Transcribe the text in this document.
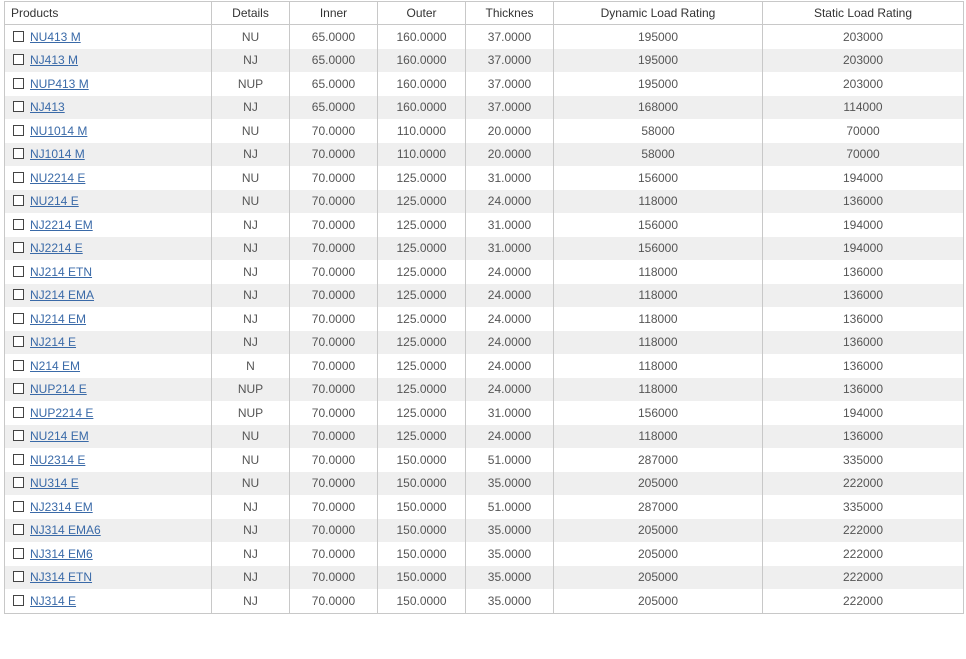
Products	Details	Inner	Outer	Thicknes	Dynamic Load Rating	Static Load Rating
NU413 M	NU	65.0000	160.0000	37.0000	195000	203000
NJ413 M	NJ	65.0000	160.0000	37.0000	195000	203000
NUP413 M	NUP	65.0000	160.0000	37.0000	195000	203000
NJ413	NJ	65.0000	160.0000	37.0000	168000	114000
NU1014 M	NU	70.0000	110.0000	20.0000	58000	70000
NJ1014 M	NJ	70.0000	110.0000	20.0000	58000	70000
NU2214 E	NU	70.0000	125.0000	31.0000	156000	194000
NU214 E	NU	70.0000	125.0000	24.0000	118000	136000
NJ2214 EM	NJ	70.0000	125.0000	31.0000	156000	194000
NJ2214 E	NJ	70.0000	125.0000	31.0000	156000	194000
NJ214 ETN	NJ	70.0000	125.0000	24.0000	118000	136000
NJ214 EMA	NJ	70.0000	125.0000	24.0000	118000	136000
NJ214 EM	NJ	70.0000	125.0000	24.0000	118000	136000
NJ214 E	NJ	70.0000	125.0000	24.0000	118000	136000
N214 EM	N	70.0000	125.0000	24.0000	118000	136000
NUP214 E	NUP	70.0000	125.0000	24.0000	118000	136000
NUP2214 E	NUP	70.0000	125.0000	31.0000	156000	194000
NU214 EM	NU	70.0000	125.0000	24.0000	118000	136000
NU2314 E	NU	70.0000	150.0000	51.0000	287000	335000
NU314 E	NU	70.0000	150.0000	35.0000	205000	222000
NJ2314 EM	NJ	70.0000	150.0000	51.0000	287000	335000
NJ314 EMA6	NJ	70.0000	150.0000	35.0000	205000	222000
NJ314 EM6	NJ	70.0000	150.0000	35.0000	205000	222000
NJ314 ETN	NJ	70.0000	150.0000	35.0000	205000	222000
NJ314 E	NJ	70.0000	150.0000	35.0000	205000	222000
